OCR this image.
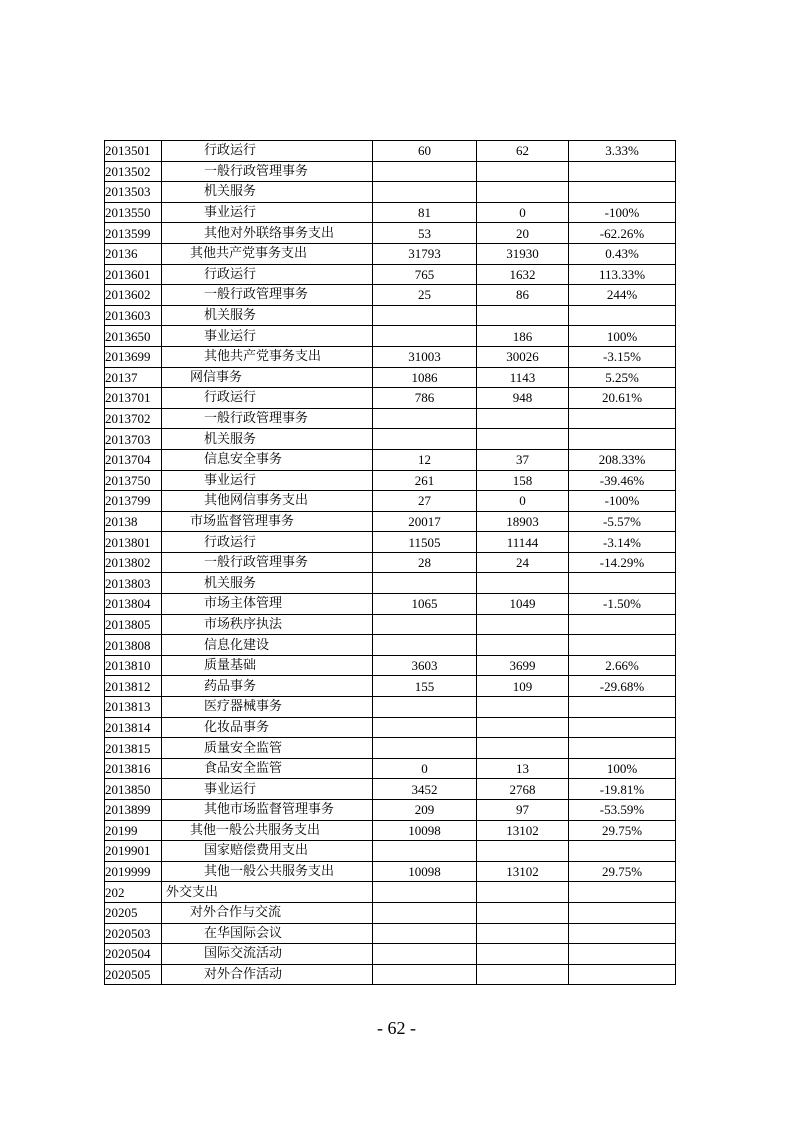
2013501	行政运行	60	62	3.33%
2013502	一般行政管理事务			
2013503	机关服务			
2013550	事业运行	81	0	-100%
2013599	其他对外联络事务支出	53	20	-62.26%
20136	其他共产党事务支出	31793	31930	0.43%
2013601	行政运行	765	1632	113.33%
2013602	一般行政管理事务	25	86	244%
2013603	机关服务			
2013650	事业运行		186	100%
2013699	其他共产党事务支出	31003	30026	-3.15%
20137	网信事务	1086	1143	5.25%
2013701	行政运行	786	948	20.61%
2013702	一般行政管理事务			
2013703	机关服务			
2013704	信息安全事务	12	37	208.33%
2013750	事业运行	261	158	-39.46%
2013799	其他网信事务支出	27	0	-100%
20138	市场监督管理事务	20017	18903	-5.57%
2013801	行政运行	11505	11144	-3.14%
2013802	一般行政管理事务	28	24	-14.29%
2013803	机关服务			
2013804	市场主体管理	1065	1049	-1.50%
2013805	市场秩序执法			
2013808	信息化建设			
2013810	质量基础	3603	3699	2.66%
2013812	药品事务	155	109	-29.68%
2013813	医疗器械事务			
2013814	化妆品事务			
2013815	质量安全监管			
2013816	食品安全监管	0	13	100%
2013850	事业运行	3452	2768	-19.81%
2013899	其他市场监督管理事务	209	97	-53.59%
20199	其他一般公共服务支出	10098	13102	29.75%
2019901	国家赔偿费用支出			
2019999	其他一般公共服务支出	10098	13102	29.75%
202	外交支出			
20205	对外合作与交流			
2020503	在华国际会议			
2020504	国际交流活动			
2020505	对外合作活动			
- 62 -
